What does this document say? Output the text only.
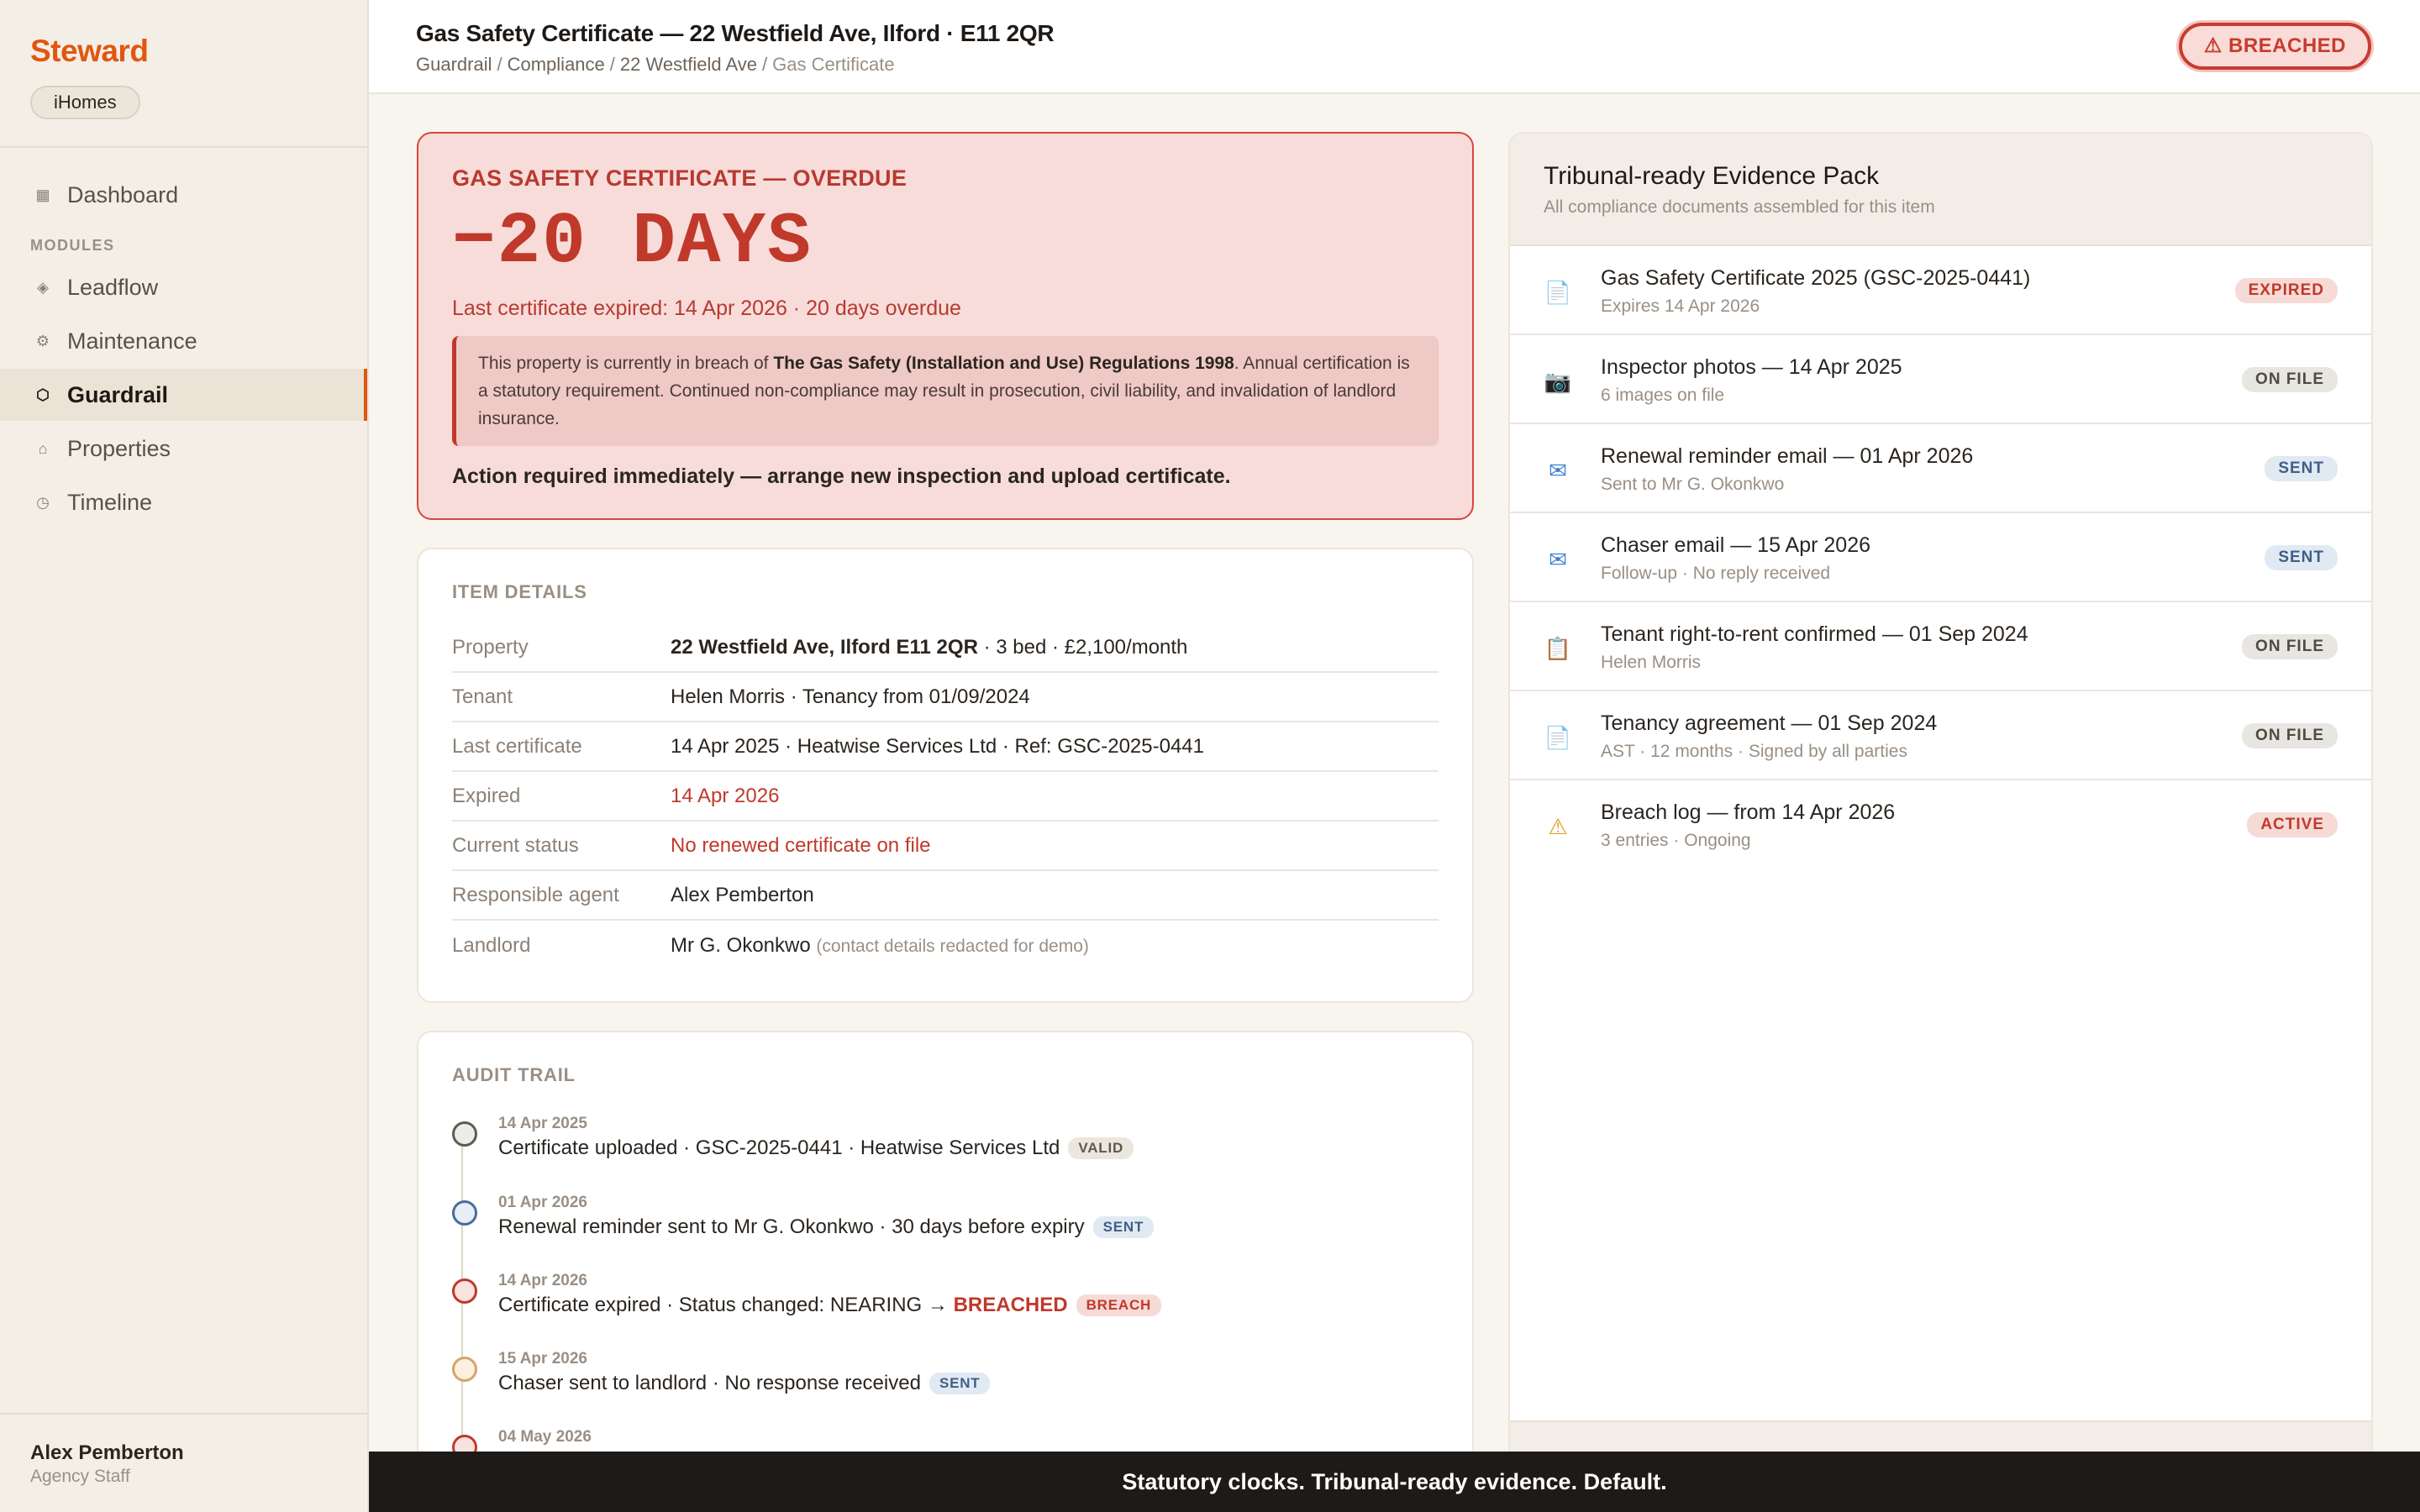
Steward
iHomes
▦ Dashboard
MODULES
◈ Leadflow
⚙ Maintenance
⬡ Guardrail
⌂ Properties
◷ Timeline
Alex Pemberton
Agency Staff
Gas Safety Certificate — 22 Westfield Ave, Ilford · E11 2QR
Guardrail / Compliance / 22 Westfield Ave / Gas Certificate
⚠ BREACHED
GAS SAFETY CERTIFICATE — OVERDUE
−20 DAYS
Last certificate expired: 14 Apr 2026 · 20 days overdue
This property is currently in breach of The Gas Safety (Installation and Use) Regulations 1998. Annual certification is a statutory requirement. Continued non-compliance may result in prosecution, civil liability, and invalidation of landlord insurance.
Action required immediately — arrange new inspection and upload certificate.
ITEM DETAILS
Property	22 Westfield Ave, Ilford E11 2QR · 3 bed · £2,100/month
Tenant	Helen Morris · Tenancy from 01/09/2024
Last certificate	14 Apr 2025 · Heatwise Services Ltd · Ref: GSC-2025-0441
Expired	14 Apr 2026
Current status	No renewed certificate on file
Responsible agent	Alex Pemberton
Landlord	Mr G. Okonkwo (contact details redacted for demo)
AUDIT TRAIL
14 Apr 2025
Certificate uploaded · GSC-2025-0441 · Heatwise Services Ltd VALID
01 Apr 2026
Renewal reminder sent to Mr G. Okonkwo · 30 days before expiry SENT
14 Apr 2026
Certificate expired · Status changed: NEARING → BREACHED BREACH
15 Apr 2026
Chaser sent to landlord · No response received SENT
04 May 2026
Tribunal-ready Evidence Pack
All compliance documents assembled for this item
📄
Gas Safety Certificate 2025 (GSC-2025-0441)
Expires 14 Apr 2026
EXPIRED
📷
Inspector photos — 14 Apr 2025
6 images on file
ON FILE
✉
Renewal reminder email — 01 Apr 2026
Sent to Mr G. Okonkwo
SENT
✉
Chaser email — 15 Apr 2026
Follow-up · No reply received
SENT
📋
Tenant right-to-rent confirmed — 01 Sep 2024
Helen Morris
ON FILE
📄
Tenancy agreement — 01 Sep 2024
AST · 12 months · Signed by all parties
ON FILE
⚠
Breach log — from 14 Apr 2026
3 entries · Ongoing
ACTIVE
Statutory clocks. Tribunal-ready evidence. Default.
